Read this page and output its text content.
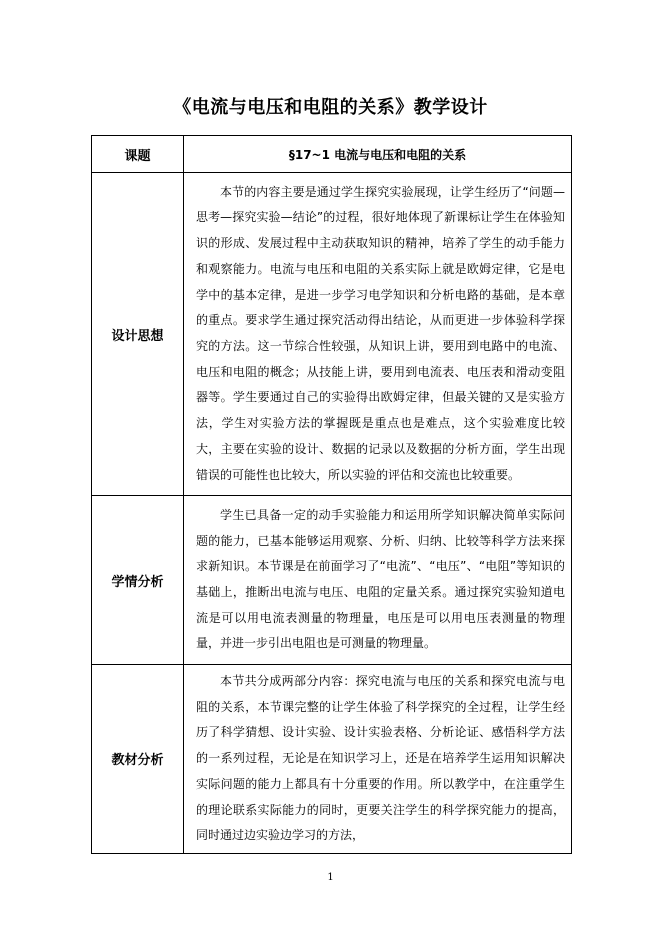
《电流与电压和电阻的关系》教学设计
课题	§17~1 电流与电压和电阻的关系
设计思想	本节的内容主要是通过学生探究实验展现，让学生经历了“问题—思考—探究实验—结论”的过程，很好地体现了新课标让学生在体验知识的形成、发展过程中主动获取知识的精神，培养了学生的动手能力和观察能力。电流与电压和电阻的关系实际上就是欧姆定律，它是电学中的基本定律，是进一步学习电学知识和分析电路的基础，是本章的重点。要求学生通过探究活动得出结论，从而更进一步体验科学探究的方法。这一节综合性较强，从知识上讲，要用到电路中的电流、电压和电阻的概念；从技能上讲，要用到电流表、电压表和滑动变阻器等。学生要通过自己的实验得出欧姆定律，但最关键的又是实验方法，学生对实验方法的掌握既是重点也是难点，这个实验难度比较大，主要在实验的设计、数据的记录以及数据的分析方面，学生出现错误的可能性也比较大，所以实验的评估和交流也比较重要。

学情分析	学生已具备一定的动手实验能力和运用所学知识解决简单实际问题的能力，已基本能够运用观察、分析、归纳、比较等科学方法来探求新知识。本节课是在前面学习了“电流”、“电压”、“电阻”等知识的基础上，推断出电流与电压、电阻的定量关系。通过探究实验知道电流是可以用电流表测量的物理量，电压是可以用电压表测量的物理量，并进一步引出电阻也是可测量的物理量。

教材分析	本节共分成两部分内容：探究电流与电压的关系和探究电流与电阻的关系，本节课完整的让学生体验了科学探究的全过程，让学生经历了科学猜想、设计实验、设计实验表格、分析论证、感悟科学方法的一系列过程，无论是在知识学习上，还是在培养学生运用知识解决实际问题的能力上都具有十分重要的作用。所以教学中，在注重学生的理论联系实际能力的同时，更要关注学生的科学探究能力的提高，同时通过边实验边学习的方法，
1
